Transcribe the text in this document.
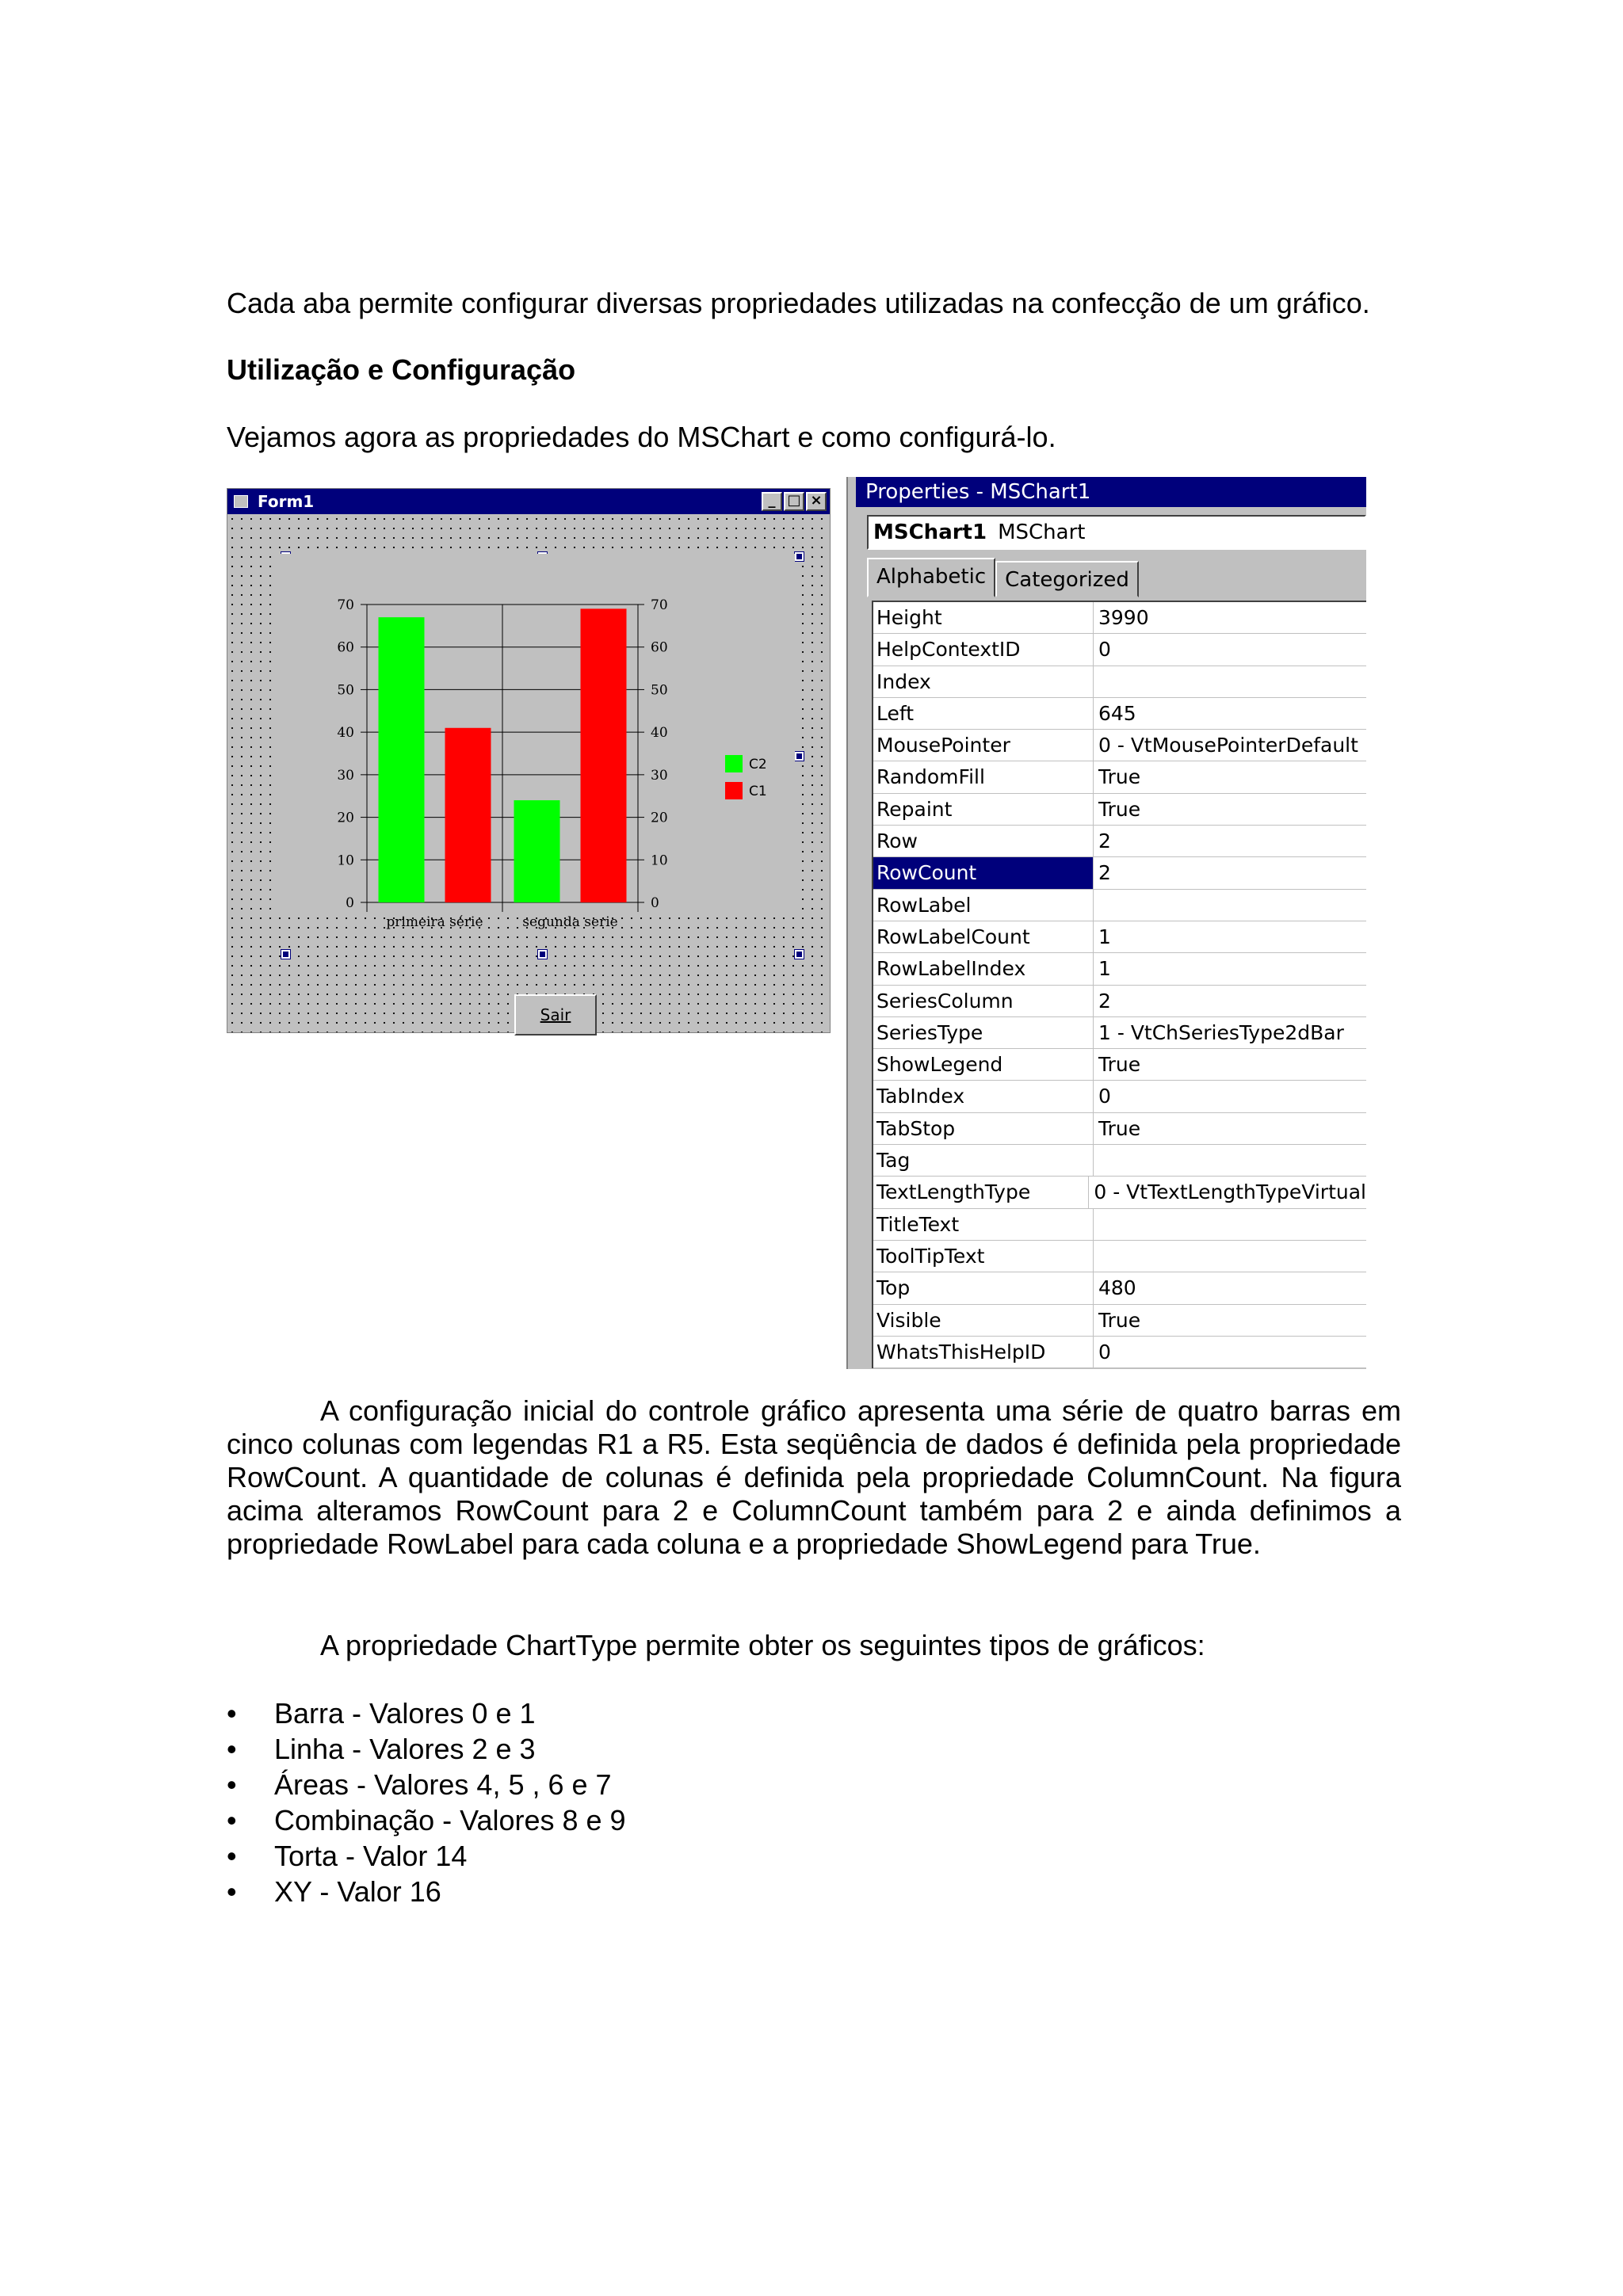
Cada aba permite configurar diversas propriedades utilizadas na confecção de um gráfico.

Utilização e Configuração

Vejamos agora as propriedades do MSChart e como configurá-lo.

Form1	_ □ ×
0	0
10	10
20	20
30	30
40	40
50	50
60	60
70	70
primeira série	segunda serie
C2
C1
Sair
Properties - MSChart1
MSChart1 MSChart
Alphabetic Categorized
Height	3990
HelpContextID	0
Index
Left	645
MousePointer	0 - VtMousePointerDefault
RandomFill	True
Repaint	True
Row	2
RowCount	2
RowLabel
RowLabelCount	1
RowLabelIndex	1
SeriesColumn	2
SeriesType	1 - VtChSeriesType2dBar
ShowLegend	True
TabIndex	0
TabStop	True
Tag
TextLengthType	0 - VtTextLengthTypeVirtual
TitleText
ToolTipText
Top	480
Visible	True
WhatsThisHelpID	0

A configuração inicial do controle gráfico apresenta uma série de quatro barras em cinco colunas com legendas R1 a R5. Esta seqüência de dados é definida pela propriedade RowCount. A quantidade de colunas é definida pela propriedade ColumnCount. Na figura acima alteramos RowCount para 2 e ColumnCount também para 2 e ainda definimos a propriedade RowLabel para cada coluna e a propriedade ShowLegend para True.

A propriedade ChartType permite obter os seguintes tipos de gráficos:

• Barra - Valores 0 e 1
• Linha - Valores 2 e 3
• Áreas - Valores 4, 5 , 6 e 7
• Combinação - Valores 8 e 9
• Torta - Valor 14
• XY - Valor 16
